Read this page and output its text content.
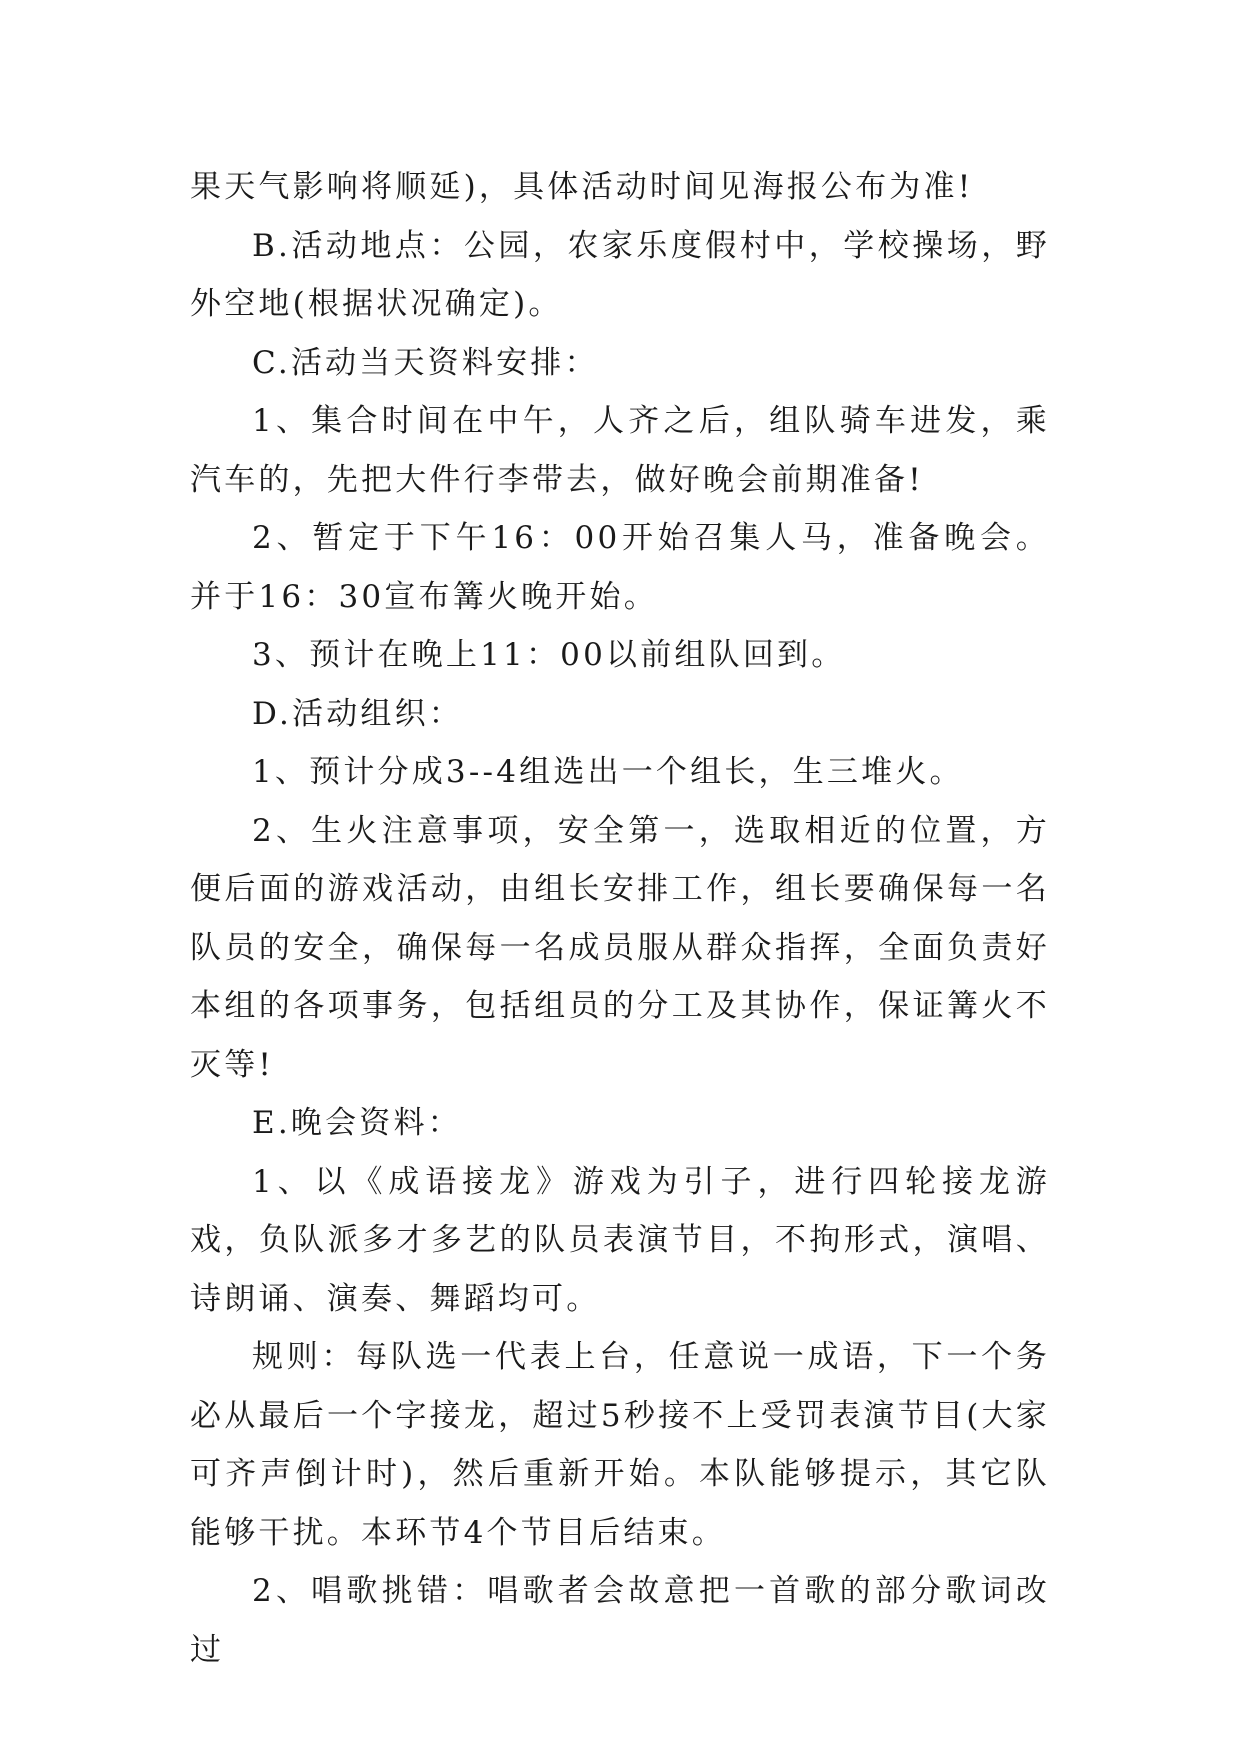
果天气影响将顺延)，具体活动时间见海报公布为准!

B.活动地点：公园，农家乐度假村中，学校操场，野外空地(根据状况确定)。

C.活动当天资料安排：

1、集合时间在中午，人齐之后，组队骑车进发，乘汽车的，先把大件行李带去，做好晚会前期准备!

2、暂定于下午16：00开始召集人马，准备晚会。并于16：30宣布篝火晚开始。

3、预计在晚上11：00以前组队回到。

D.活动组织：

1、预计分成3--4组选出一个组长，生三堆火。

2、生火注意事项，安全第一，选取相近的位置，方便后面的游戏活动，由组长安排工作，组长要确保每一名队员的安全，确保每一名成员服从群众指挥，全面负责好本组的各项事务，包括组员的分工及其协作，保证篝火不灭等!

E.晚会资料：

1、以《成语接龙》游戏为引子，进行四轮接龙游戏，负队派多才多艺的队员表演节目，不拘形式，演唱、诗朗诵、演奏、舞蹈均可。

规则：每队选一代表上台，任意说一成语，下一个务必从最后一个字接龙，超过5秒接不上受罚表演节目(大家可齐声倒计时)，然后重新开始。本队能够提示，其它队能够干扰。本环节4个节目后结束。

2、唱歌挑错：唱歌者会故意把一首歌的部分歌词改过
